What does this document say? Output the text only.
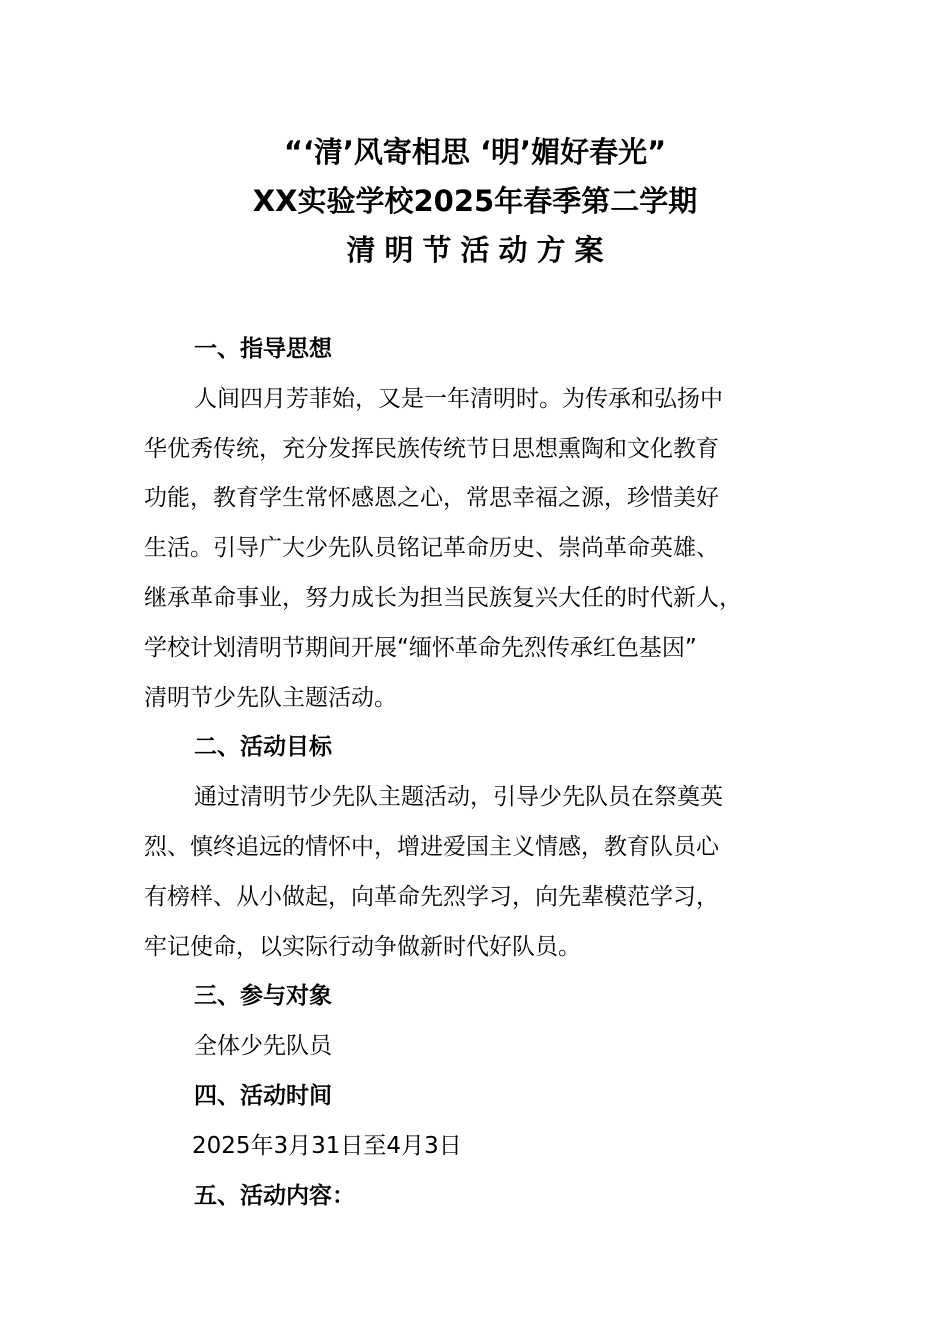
“‘清’风寄相思 ‘明’媚好春光”
XX实验学校2025年春季第二学期
清明节活动方案
一、指导思想
人间四月芳菲始，又是一年清明时。为传承和弘扬中
华优秀传统，充分发挥民族传统节日思想熏陶和文化教育
功能，教育学生常怀感恩之心，常思幸福之源，珍惜美好
生活。引导广大少先队员铭记革命历史、崇尚革命英雄、
继承革命事业，努力成长为担当民族复兴大任的时代新人，
学校计划清明节期间开展“缅怀革命先烈传承红色基因”
清明节少先队主题活动。
二、活动目标
通过清明节少先队主题活动，引导少先队员在祭奠英
烈、慎终追远的情怀中，增进爱国主义情感，教育队员心
有榜样、从小做起，向革命先烈学习，向先辈模范学习，
牢记使命，以实际行动争做新时代好队员。
三、参与对象
全体少先队员
四、活动时间
2025年3月31日至4月3日
五、活动内容：
